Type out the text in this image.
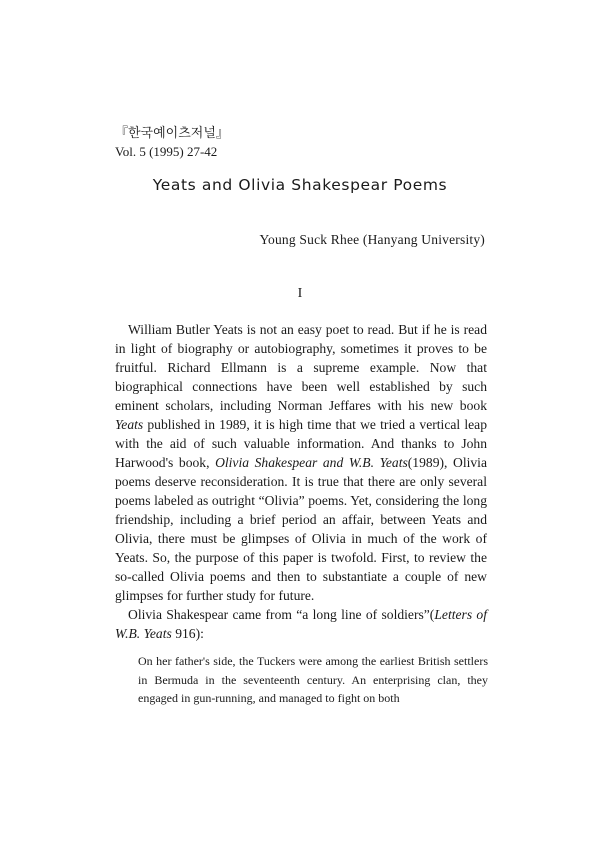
『한국예이츠저널』
Vol. 5 (1995) 27-42
Yeats and Olivia Shakespear Poems
Young Suck Rhee (Hanyang University)
I

William Butler Yeats is not an easy poet to read. But if he is read in light of biography or autobiography, sometimes it proves to be fruitful. Richard Ellmann is a supreme example. Now that biographical connections have been well established by such eminent scholars, including Norman Jeffares with his new book Yeats published in 1989, it is high time that we tried a vertical leap with the aid of such valuable information. And thanks to John Harwood's book, Olivia Shakespear and W.B. Yeats(1989), Olivia poems deserve reconsideration. It is true that there are only several poems labeled as outright “Olivia” poems. Yet, considering the long friendship, including a brief period an affair, between Yeats and Olivia, there must be glimpses of Olivia in much of the work of Yeats. So, the purpose of this paper is twofold. First, to review the so-called Olivia poems and then to substantiate a couple of new glimpses for further study for future.

Olivia Shakespear came from “a long line of soldiers”(Letters of W.B. Yeats 916):

On her father's side, the Tuckers were among the earliest British settlers in Bermuda in the seventeenth century. An enterprising clan, they engaged in gun-running, and managed to fight on both
